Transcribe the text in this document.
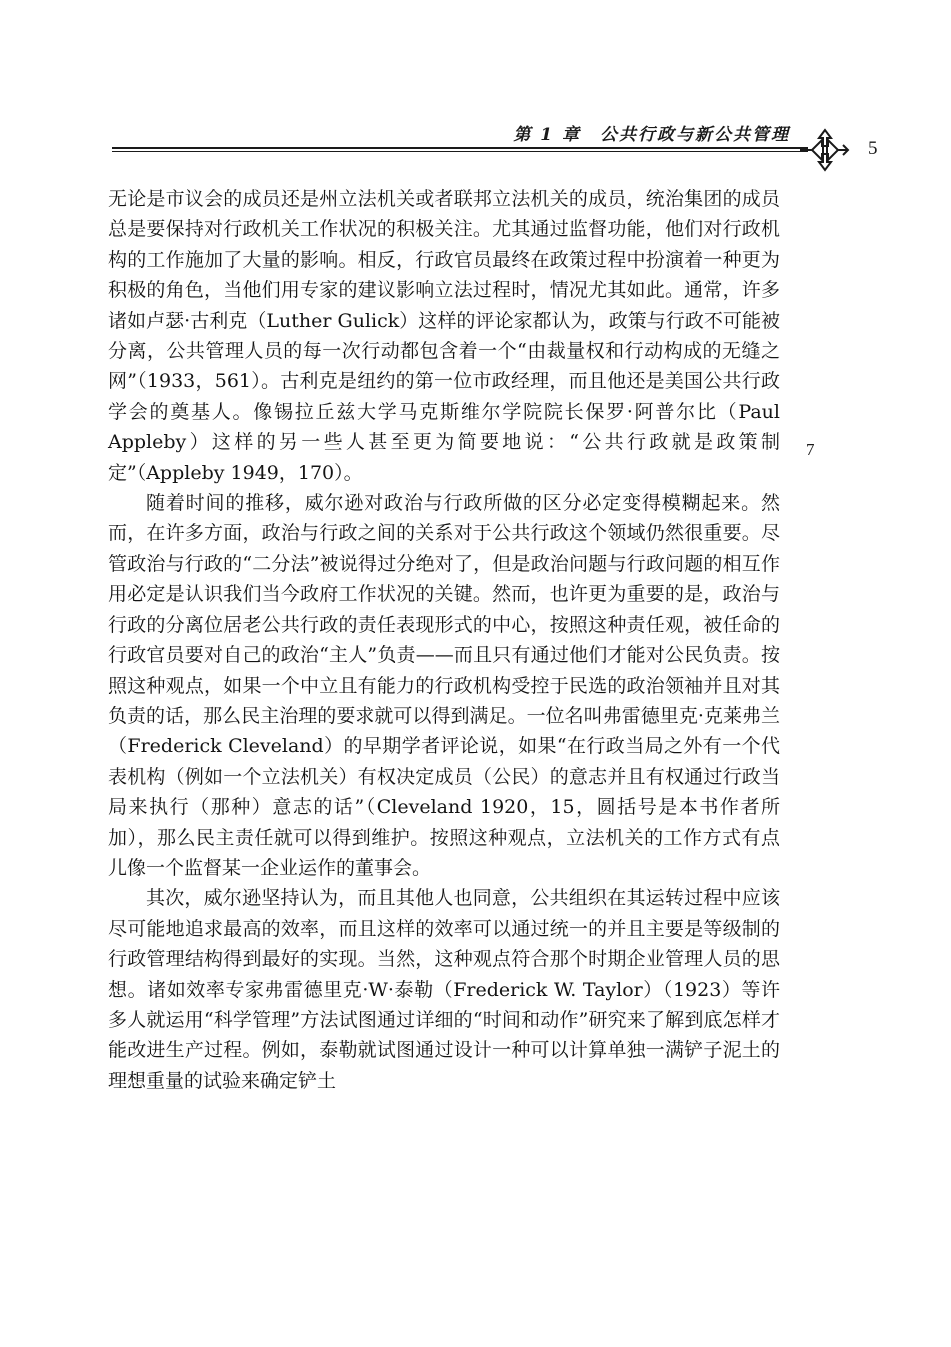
第 1 章　公共行政与新公共管理
5

无论是市议会的成员还是州立法机关或者联邦立法机关的成员，统治集团的成员总是要保持对行政机关工作状况的积极关注。尤其通过监督功能，他们对行政机构的工作施加了大量的影响。相反，行政官员最终在政策过程中扮演着一种更为积极的角色，当他们用专家的建议影响立法过程时，情况尤其如此。通常，许多诸如卢瑟·古利克（Luther Gulick）这样的评论家都认为，政策与行政不可能被分离，公共管理人员的每一次行动都包含着一个“由裁量权和行动构成的无缝之网”（1933，561）。古利克是纽约的第一位市政经理，而且他还是美国公共行政学会的奠基人。像锡拉丘兹大学马克斯维尔学院院长保罗·阿普尔比（Paul Appleby）这样的另一些人甚至更为简要地说：“公共行政就是政策制定”（Appleby 1949，170）。

随着时间的推移，威尔逊对政治与行政所做的区分必定变得模糊起来。然而，在许多方面，政治与行政之间的关系对于公共行政这个领域仍然很重要。尽管政治与行政的“二分法”被说得过分绝对了，但是政治问题与行政问题的相互作用必定是认识我们当今政府工作状况的关键。然而，也许更为重要的是，政治与行政的分离位居老公共行政的责任表现形式的中心，按照这种责任观，被任命的行政官员要对自己的政治“主人”负责——而且只有通过他们才能对公民负责。按照这种观点，如果一个中立且有能力的行政机构受控于民选的政治领袖并且对其负责的话，那么民主治理的要求就可以得到满足。一位名叫弗雷德里克·克莱弗兰（Frederick Cleveland）的早期学者评论说，如果“在行政当局之外有一个代表机构（例如一个立法机关）有权决定成员（公民）的意志并且有权通过行政当局来执行（那种）意志的话”（Cleveland 1920，15，圆括号是本书作者所加），那么民主责任就可以得到维护。按照这种观点，立法机关的工作方式有点儿像一个监督某一企业运作的董事会。

其次，威尔逊坚持认为，而且其他人也同意，公共组织在其运转过程中应该尽可能地追求最高的效率，而且这样的效率可以通过统一的并且主要是等级制的行政管理结构得到最好的实现。当然，这种观点符合那个时期企业管理人员的思想。诸如效率专家弗雷德里克·W·泰勒（Frederick W. Taylor）（1923）等许多人就运用“科学管理”方法试图通过详细的“时间和动作”研究来了解到底怎样才能改进生产过程。例如，泰勒就试图通过设计一种可以计算单独一满铲子泥土的理想重量的试验来确定铲土

7
